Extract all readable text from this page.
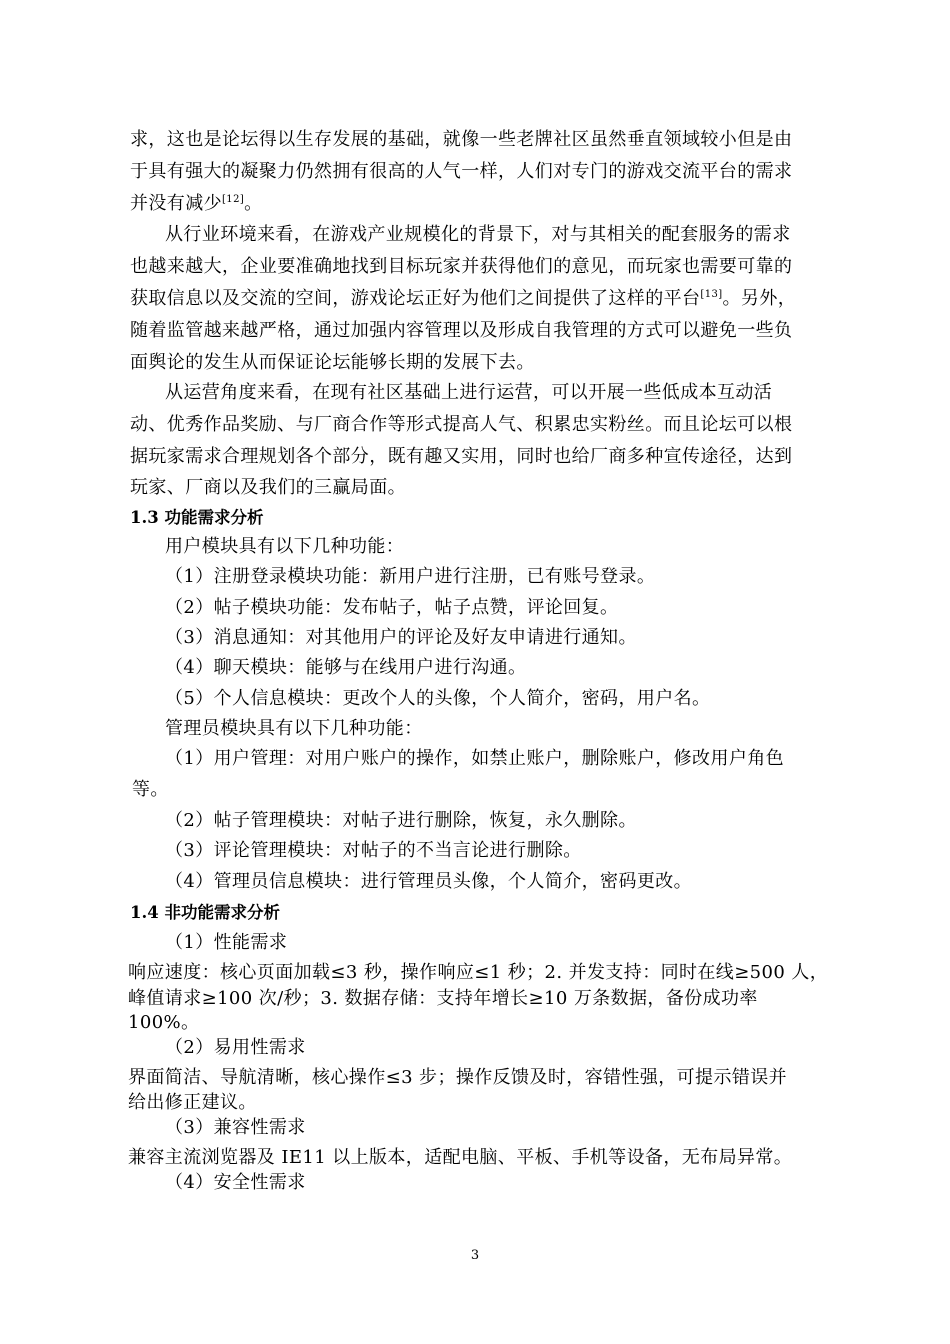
求，这也是论坛得以生存发展的基础，就像一些老牌社区虽然垂直领域较小但是由
于具有强大的凝聚力仍然拥有很高的人气一样，人们对专门的游戏交流平台的需求
并没有减少[12]。
从行业环境来看，在游戏产业规模化的背景下，对与其相关的配套服务的需求
也越来越大，企业要准确地找到目标玩家并获得他们的意见，而玩家也需要可靠的
获取信息以及交流的空间，游戏论坛正好为他们之间提供了这样的平台[13]。另外，
随着监管越来越严格，通过加强内容管理以及形成自我管理的方式可以避免一些负
面舆论的发生从而保证论坛能够长期的发展下去。
从运营角度来看，在现有社区基础上进行运营，可以开展一些低成本互动活
动、优秀作品奖励、与厂商合作等形式提高人气、积累忠实粉丝。而且论坛可以根
据玩家需求合理规划各个部分，既有趣又实用，同时也给厂商多种宣传途径，达到
玩家、厂商以及我们的三赢局面。
1.3 功能需求分析
用户模块具有以下几种功能：
（1）注册登录模块功能：新用户进行注册，已有账号登录。
（2）帖子模块功能：发布帖子，帖子点赞，评论回复。
（3）消息通知：对其他用户的评论及好友申请进行通知。
（4）聊天模块：能够与在线用户进行沟通。
（5）个人信息模块：更改个人的头像，个人简介，密码，用户名。
管理员模块具有以下几种功能：
（1）用户管理：对用户账户的操作，如禁止账户，删除账户，修改用户角色
等。
（2）帖子管理模块：对帖子进行删除，恢复，永久删除。
（3）评论管理模块：对帖子的不当言论进行删除。
（4）管理员信息模块：进行管理员头像，个人简介，密码更改。
1.4 非功能需求分析
（1）性能需求
响应速度：核心页面加载≤3 秒，操作响应≤1 秒；2. 并发支持：同时在线≥500 人，
峰值请求≥100 次/秒；3. 数据存储：支持年增长≥10 万条数据，备份成功率
100%。
（2）易用性需求
界面简洁、导航清晰，核心操作≤3 步；操作反馈及时，容错性强，可提示错误并
给出修正建议。
（3）兼容性需求
兼容主流浏览器及 IE11 以上版本，适配电脑、平板、手机等设备，无布局异常。
（4）安全性需求
3
